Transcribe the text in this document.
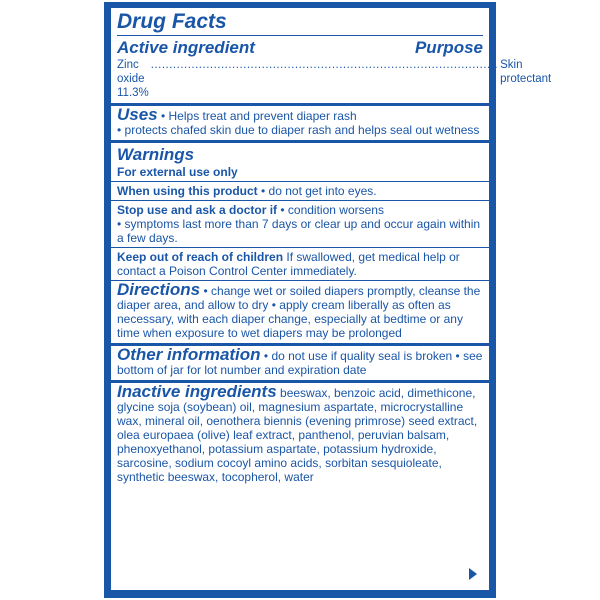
Drug Facts
Active ingredient	Purpose
Zinc oxide 11.3%
.............................................................................................. Skin protectant
Uses • Helps treat and prevent diaper rash
• protects chafed skin due to diaper rash and helps seal out wetness
Warnings
For external use only
When using this product • do not get into eyes.
Stop use and ask a doctor if • condition worsens
• symptoms last more than 7 days or clear up and occur again within a few days.
Keep out of reach of children If swallowed, get medical help or contact a Poison Control Center immediately.
Directions • change wet or soiled diapers promptly, cleanse the diaper area, and allow to dry • apply cream liberally as often as necessary, with each diaper change, especially at bedtime or any time when exposure to wet diapers may be prolonged
Other information • do not use if quality seal is broken • see bottom of jar for lot number and expiration date
Inactive ingredients beeswax, benzoic acid, dimethicone, glycine soja (soybean) oil, magnesium aspartate, microcrystalline wax, mineral oil, oenothera biennis (evening primrose) seed extract, olea europaea (olive) leaf extract, panthenol, peruvian balsam, phenoxyethanol, potassium aspartate, potassium hydroxide, sarcosine, sodium cocoyl amino acids, sorbitan sesquioleate, synthetic beeswax, tocopherol, water
